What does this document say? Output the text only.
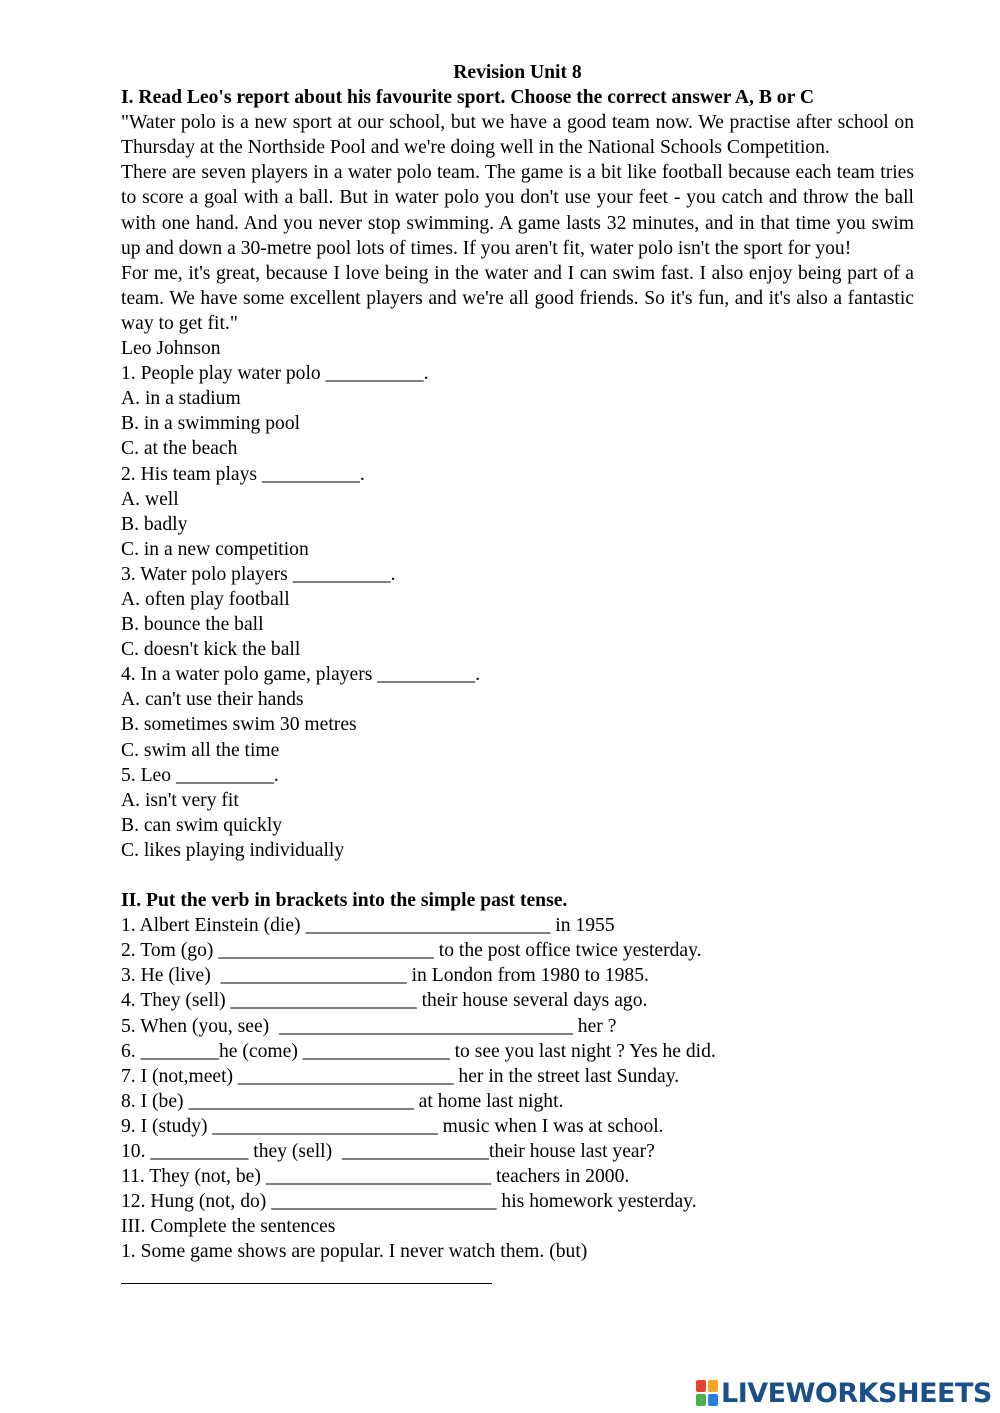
Revision Unit 8
I. Read Leo's report about his favourite sport. Choose the correct answer A, B or C
"Water polo is a new sport at our school, but we have a good team now. We practise after school on Thursday at the Northside Pool and we're doing well in the National Schools Competition.
There are seven players in a water polo team. The game is a bit like football because each team tries to score a goal with a ball. But in water polo you don't use your feet - you catch and throw the ball with one hand. And you never stop swimming. A game lasts 32 minutes, and in that time you swim up and down a 30-metre pool lots of times. If you aren't fit, water polo isn't the sport for you!
For me, it's great, because I love being in the water and I can swim fast. I also enjoy being part of a team. We have some excellent players and we're all good friends. So it's fun, and it's also a fantastic way to get fit."
Leo Johnson
1. People play water polo __________.
A. in a stadium
B. in a swimming pool
C. at the beach
2. His team plays __________.
A. well
B. badly
C. in a new competition
3. Water polo players __________.
A. often play football
B. bounce the ball
C. doesn't kick the ball
4. In a water polo game, players __________.
A. can't use their hands
B. sometimes swim 30 metres
C. swim all the time
5. Leo __________.
A. isn't very fit
B. can swim quickly
C. likes playing individually
II. Put the verb in brackets into the simple past tense.
1. Albert Einstein (die) _________________________ in 1955
2. Tom (go) ______________________ to the post office twice yesterday.
3. He (live)  ___________________ in London from 1980 to 1985.
4. They (sell) ___________________ their house several days ago.
5. When (you, see)  ______________________________ her ?
6. ________he (come) _______________ to see you last night ? Yes he did.
7. I (not,meet) ______________________ her in the street last Sunday.
8. I (be) _______________________ at home last night.
9. I (study) _______________________ music when I was at school.
10. __________ they (sell)  _______________their house last year?
11. They (not, be) _______________________ teachers in 2000.
12. Hung (not, do) _______________________ his homework yesterday.
III. Complete the sentences
1. Some game shows are popular. I never watch them. (but)
LIVEWORKSHEETS
